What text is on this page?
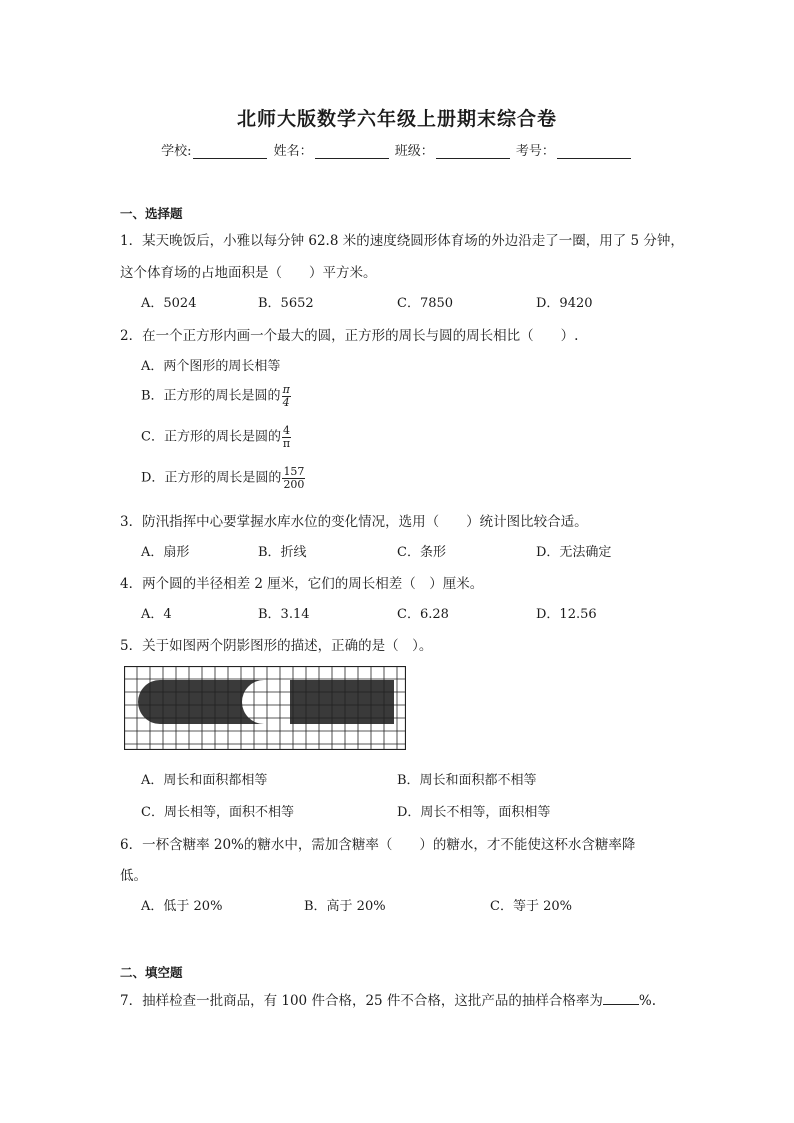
北师大版数学六年级上册期末综合卷
学校:	姓名：	班级：	考号：
一、选择题
1．某天晚饭后，小雅以每分钟 62.8 米的速度绕圆形体育场的外边沿走了一圈，用了 5 分钟，
这个体育场的占地面积是（　　）平方米。
A．5024	B．5652	C．7850	D．9420
2．在一个正方形内画一个最大的圆，正方形的周长与圆的周长相比（　　）.
A．两个图形的周长相等
B．正方形的周长是圆的 $\frac{\pi}{4}$
C．正方形的周长是圆的 $\frac{4}{\pi}$
D．正方形的周长是圆的 $\frac{157}{200}$
3．防汛指挥中心要掌握水库水位的变化情况，选用（　　）统计图比较合适。
A．扇形	B．折线	C．条形	D．无法确定
4．两个圆的半径相差 2 厘米，它们的周长相差（　）厘米。
A．4	B．3.14	C．6.28	D．12.56
5．关于如图两个阴影图形的描述，正确的是（　）。
A．周长和面积都相等	B．周长和面积都不相等
C．周长相等，面积不相等	D．周长不相等，面积相等
6．一杯含糖率 20%的糖水中，需加含糖率（　　）的糖水，才不能使这杯水含糖率降
低。
A．低于 20%	B．高于 20%	C．等于 20%
二、填空题
7．抽样检查一批商品，有 100 件合格，25 件不合格，这批产品的抽样合格率为	%.
